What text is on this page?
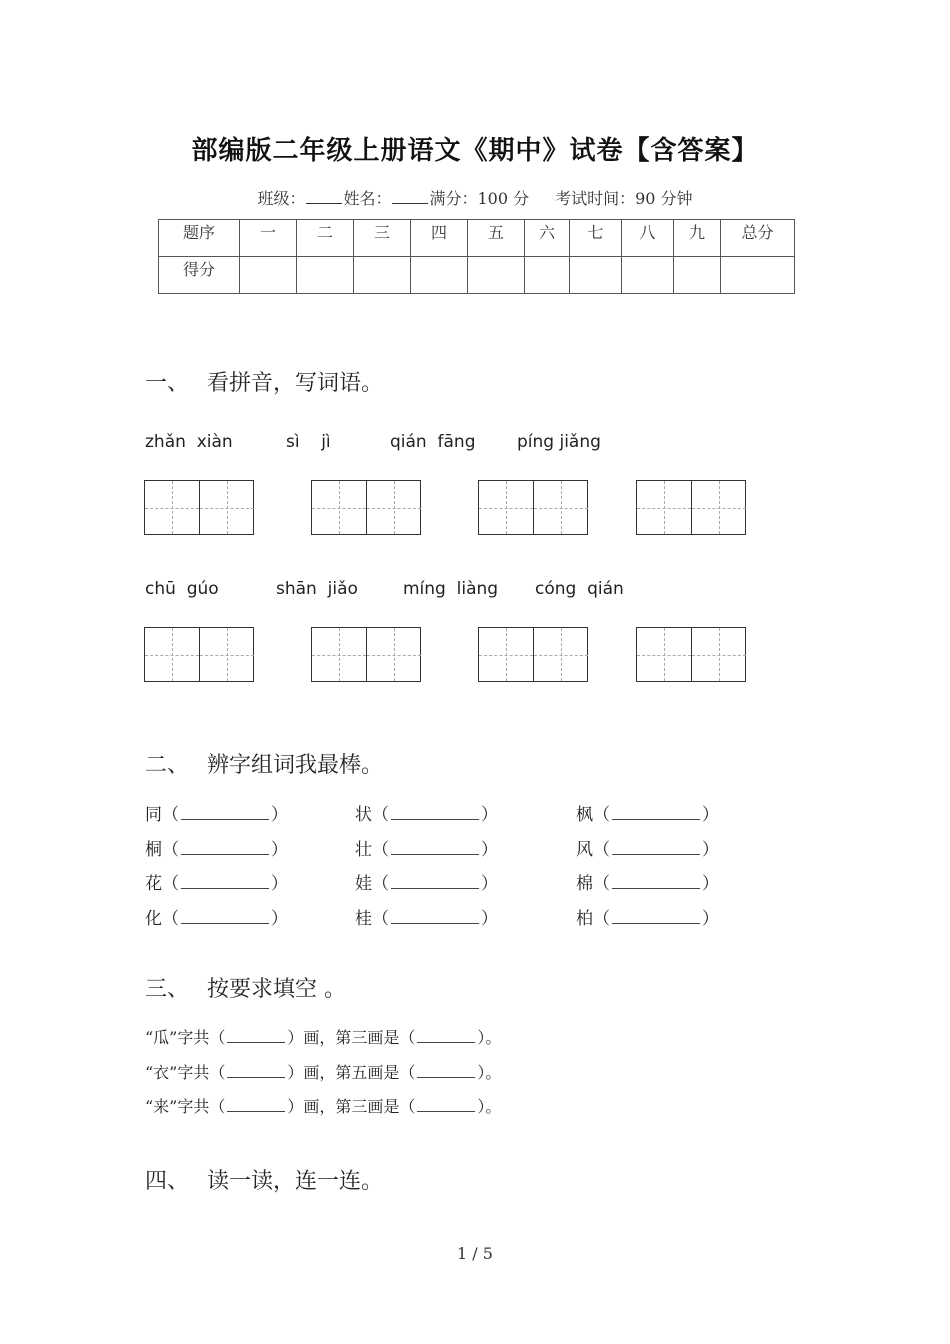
部编版二年级上册语文《期中》试卷【含答案】
班级： 姓名： 满分：100 分 考试时间：90 分钟
题序	一	二	三	四	五	六	七	八	九	总分
得分										
一、 看拼音，写词语。
zhǎn  xiàn	sì    jì	qián  fāng píng jiǎng
chū  gúo	shān  jiǎo	míng  liàng cóng  qián
二、 辨字组词我最棒。
同（	）	状（	）	枫（	）
桐（	）	壮（	）	风（	）
花（	）	娃（	）	棉（	）
化（	）	桂（	）	柏（	）
三、 按要求填空 。
“瓜”字共（	）画，第三画是（	）。
“衣”字共（	）画，第五画是（	）。
“来”字共（	）画，第三画是（	）。
四、 读一读，连一连。
1 / 5
